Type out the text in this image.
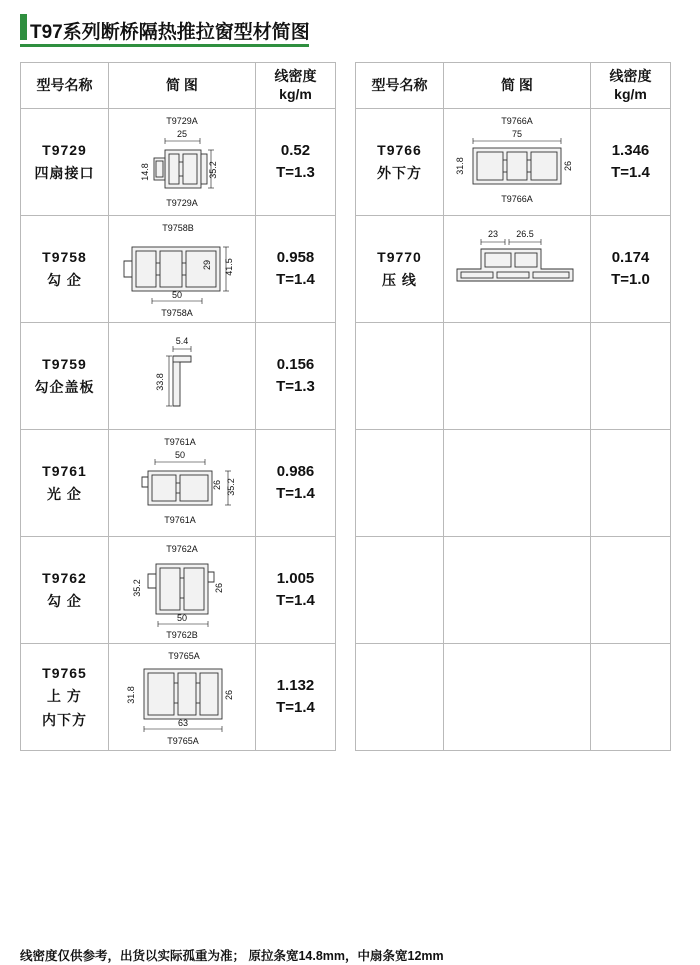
T97系列断桥隔热推拉窗型材简图
型号名称	简 图	线密度
kg/m

T9729
四扇接口

T9729A
25
14.8	35.2
T9729A

0.52
T=1.3

T9758
勾 企

T9758B
29 41.5
50
T9758A

0.958
T=1.4

T9759
勾企盖板

5.4
33.8

0.156
T=1.3

T9761
光 企

T9761A
50
26 35.2
T9761A

0.986
T=1.4

T9762
勾 企

T9762A
35.2	26
50
T9762B

1.005
T=1.4

T9765
上 方
内下方

T9765A
31.8	26
63
T9765A

1.132
T=1.4
型号名称	简 图	线密度
kg/m

T9766
外下方

T9766A
75
31.8	26
T9766A

1.346
T=1.4

T9770
压 线

23 26.5

0.174
T=1.0

线密度仅供参考，出货以实际孤重为准； 原拉条宽14.8mm，中扇条宽12mm
